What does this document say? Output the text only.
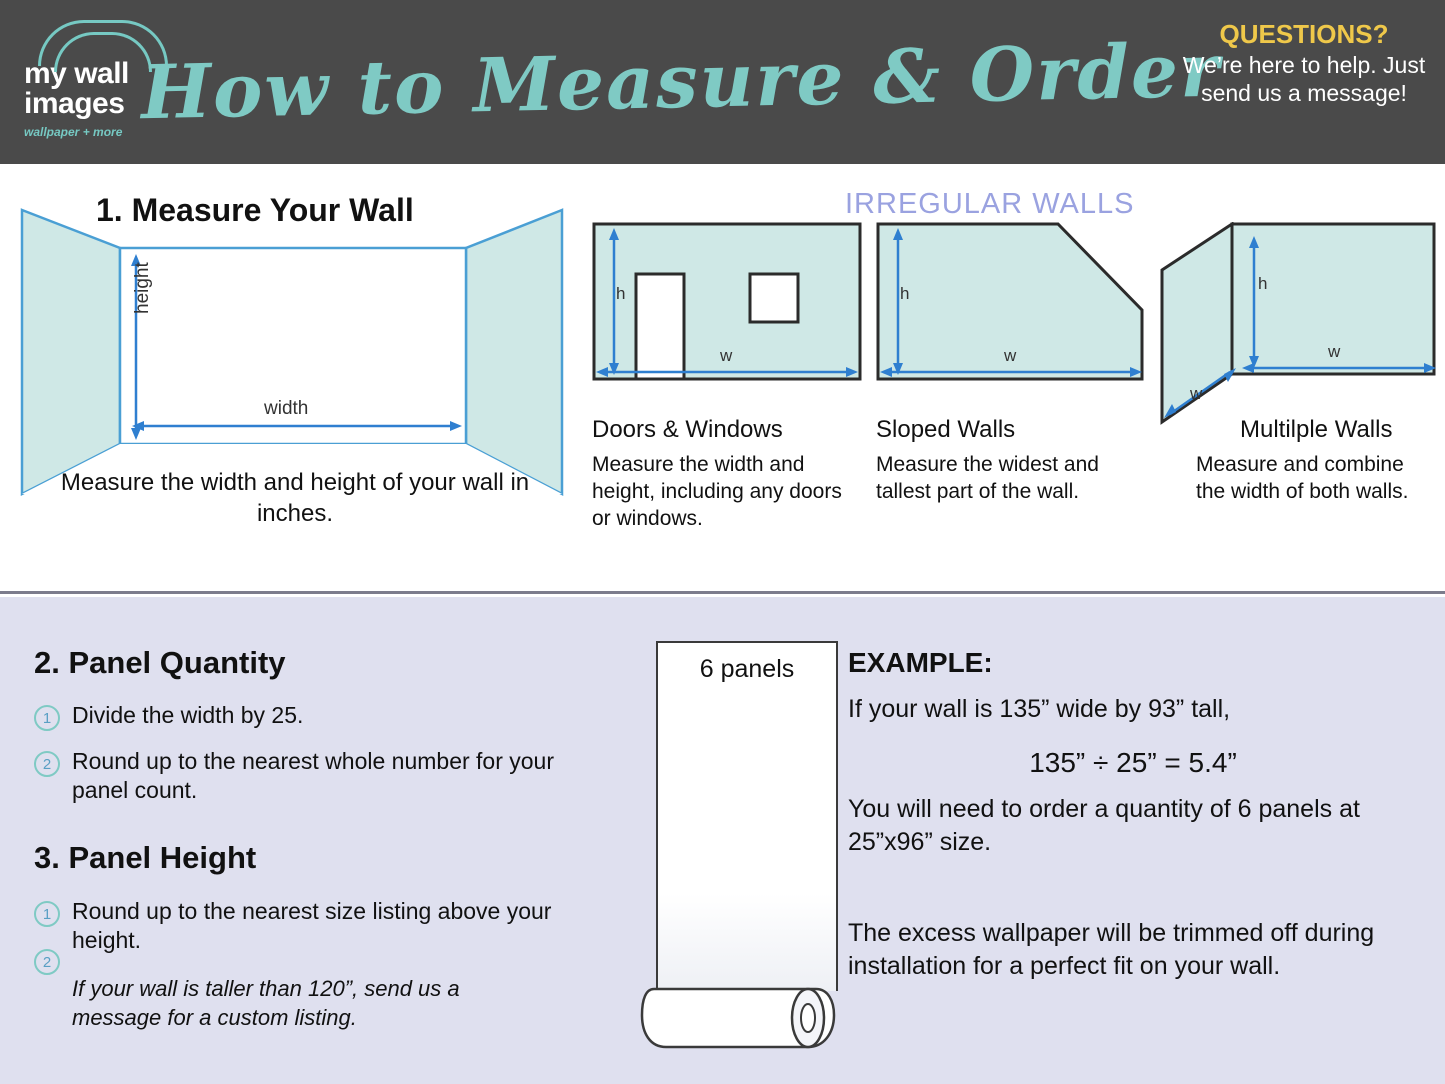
my wall
images
wallpaper + more How to Measure & Order
QUESTIONS?
We’re here to help. Just send us a message!
1. Measure Your Wall
height
width
Measure the width and height of your wall in inches.
IRREGULAR WALLS
h
w
Doors & Windows
Measure the width and height, including any doors or windows.
h
w
Sloped Walls
Measure the widest and tallest part of the wall.
h
w
w
Multilple Walls
Measure and combine the width of both walls.
2. Panel Quantity
1 Divide the width by 25.
2 Round up to the nearest whole number for your panel count.
3. Panel Height
1 Round up to the nearest size listing above your height.
2
If your wall is taller than 120”, send us a message for a custom listing.
6 panels	EXAMPLE:
If your wall is 135” wide by 93” tall,
135” ÷ 25” = 5.4”
You will need to order a quantity of 6 panels at 25”x96” size.
The excess wallpaper will be trimmed off during installation for a perfect fit on your wall.
